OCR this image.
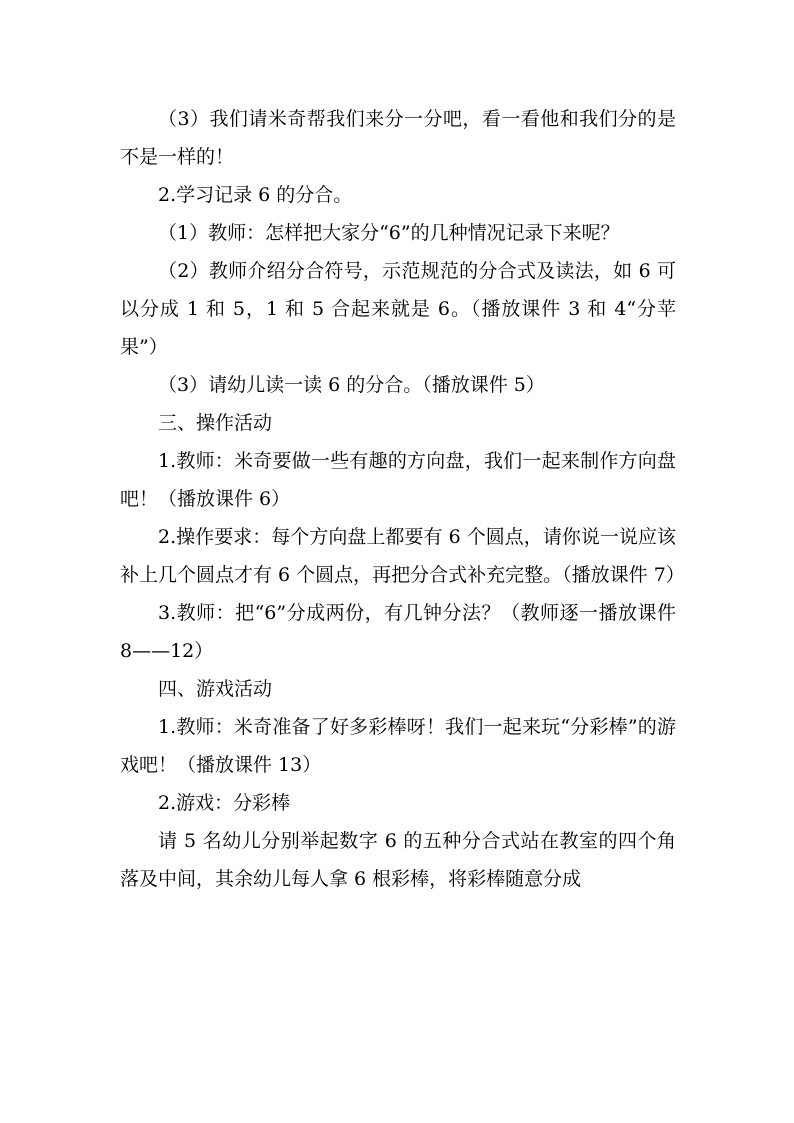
（3）我们请米奇帮我们来分一分吧，看一看他和我们分的是不是一样的！

2.学习记录 6 的分合。

（1）教师：怎样把大家分“6”的几种情况记录下来呢？

（2）教师介绍分合符号，示范规范的分合式及读法，如 6 可以分成 1 和 5，1 和 5 合起来就是 6。（播放课件 3 和 4“分苹果”）

（3）请幼儿读一读 6 的分合。（播放课件 5）

三、操作活动

1.教师：米奇要做一些有趣的方向盘，我们一起来制作方向盘吧！（播放课件 6）

2.操作要求：每个方向盘上都要有 6 个圆点，请你说一说应该补上几个圆点才有 6 个圆点，再把分合式补充完整。（播放课件 7）

3.教师：把“6”分成两份，有几钟分法？（教师逐一播放课件 8——12）

四、游戏活动

1.教师：米奇准备了好多彩棒呀！我们一起来玩“分彩棒”的游戏吧！（播放课件 13）

2.游戏：分彩棒

请 5 名幼儿分别举起数字 6 的五种分合式站在教室的四个角落及中间，其余幼儿每人拿 6 根彩棒，将彩棒随意分成
